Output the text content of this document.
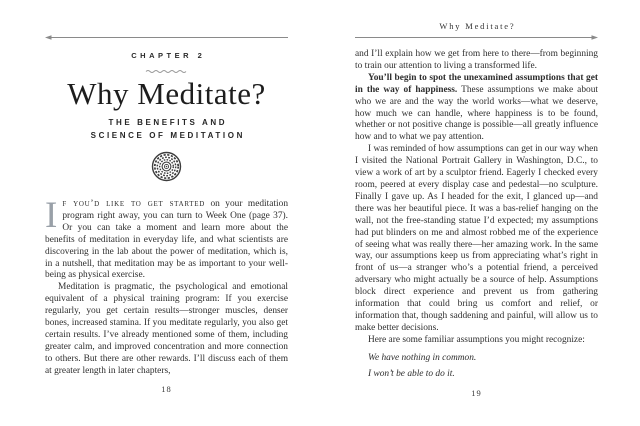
CHAPTER 2
Why Meditate?
THE BENEFITS AND
SCIENCE OF MEDITATION

If you’d like to get started on your meditation program right away, you can turn to Week One (page 37). Or you can take a moment and learn more about the benefits of meditation in everyday life, and what scientists are discovering in the lab about the power of meditation, which is, in a nutshell, that meditation may be as important to your well-being as physical exercise.

Meditation is pragmatic, the psychological and emotional equivalent of a physical training program: If you exercise regularly, you get certain results—stronger muscles, denser bones, increased stamina. If you meditate regularly, you also get certain results. I’ve already mentioned some of them, including greater calm, and improved concentration and more connection to others. But there are other rewards. I’ll discuss each of them at greater length in later chapters,

18
Why Meditate?

and I’ll explain how we get from here to there—from beginning to train our attention to living a transformed life.

You’ll begin to spot the unexamined assumptions that get in the way of happiness. These assumptions we make about who we are and the way the world works—what we deserve, how much we can handle, where happiness is to be found, whether or not positive change is possible—all greatly influence how and to what we pay attention.

I was reminded of how assumptions can get in our way when I visited the National Portrait Gallery in Washington, D.C., to view a work of art by a sculptor friend. Eagerly I checked every room, peered at every display case and pedestal—no sculpture. Finally I gave up. As I headed for the exit, I glanced up—and there was her beautiful piece. It was a bas-relief hanging on the wall, not the free-standing statue I’d expected; my assumptions had put blinders on me and almost robbed me of the experience of seeing what was really there—her amazing work. In the same way, our assumptions keep us from appreciating what’s right in front of us—a stranger who’s a potential friend, a perceived adversary who might actually be a source of help. Assumptions block direct experience and prevent us from gathering information that could bring us comfort and relief, or information that, though saddening and painful, will allow us to make better decisions.

Here are some familiar assumptions you might recognize:

We have nothing in common.

I won’t be able to do it.

19
